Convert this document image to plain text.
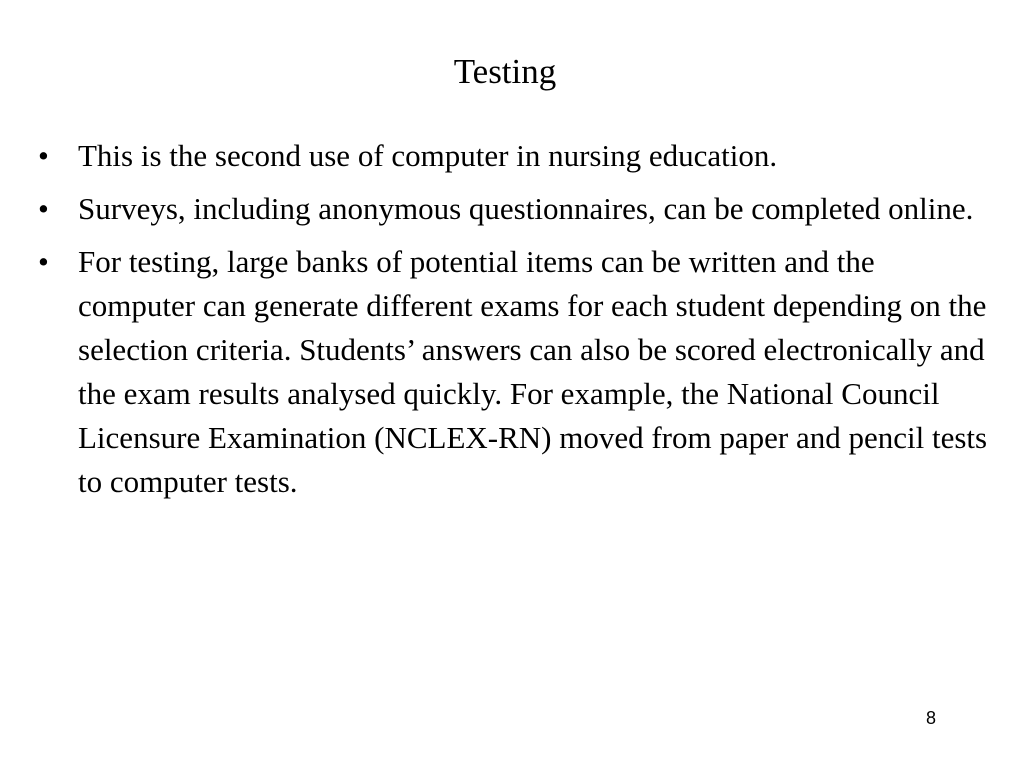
Testing
• This is the second use of computer in nursing education.
• Surveys, including anonymous questionnaires, can be completed online.
• For testing, large banks of potential items can be written and the computer can generate different exams for each student depending on the selection criteria. Students’ answers can also be scored electronically and the exam results analysed quickly. For example, the National Council Licensure Examination (NCLEX-RN) moved from paper and pencil tests to computer tests.
8
